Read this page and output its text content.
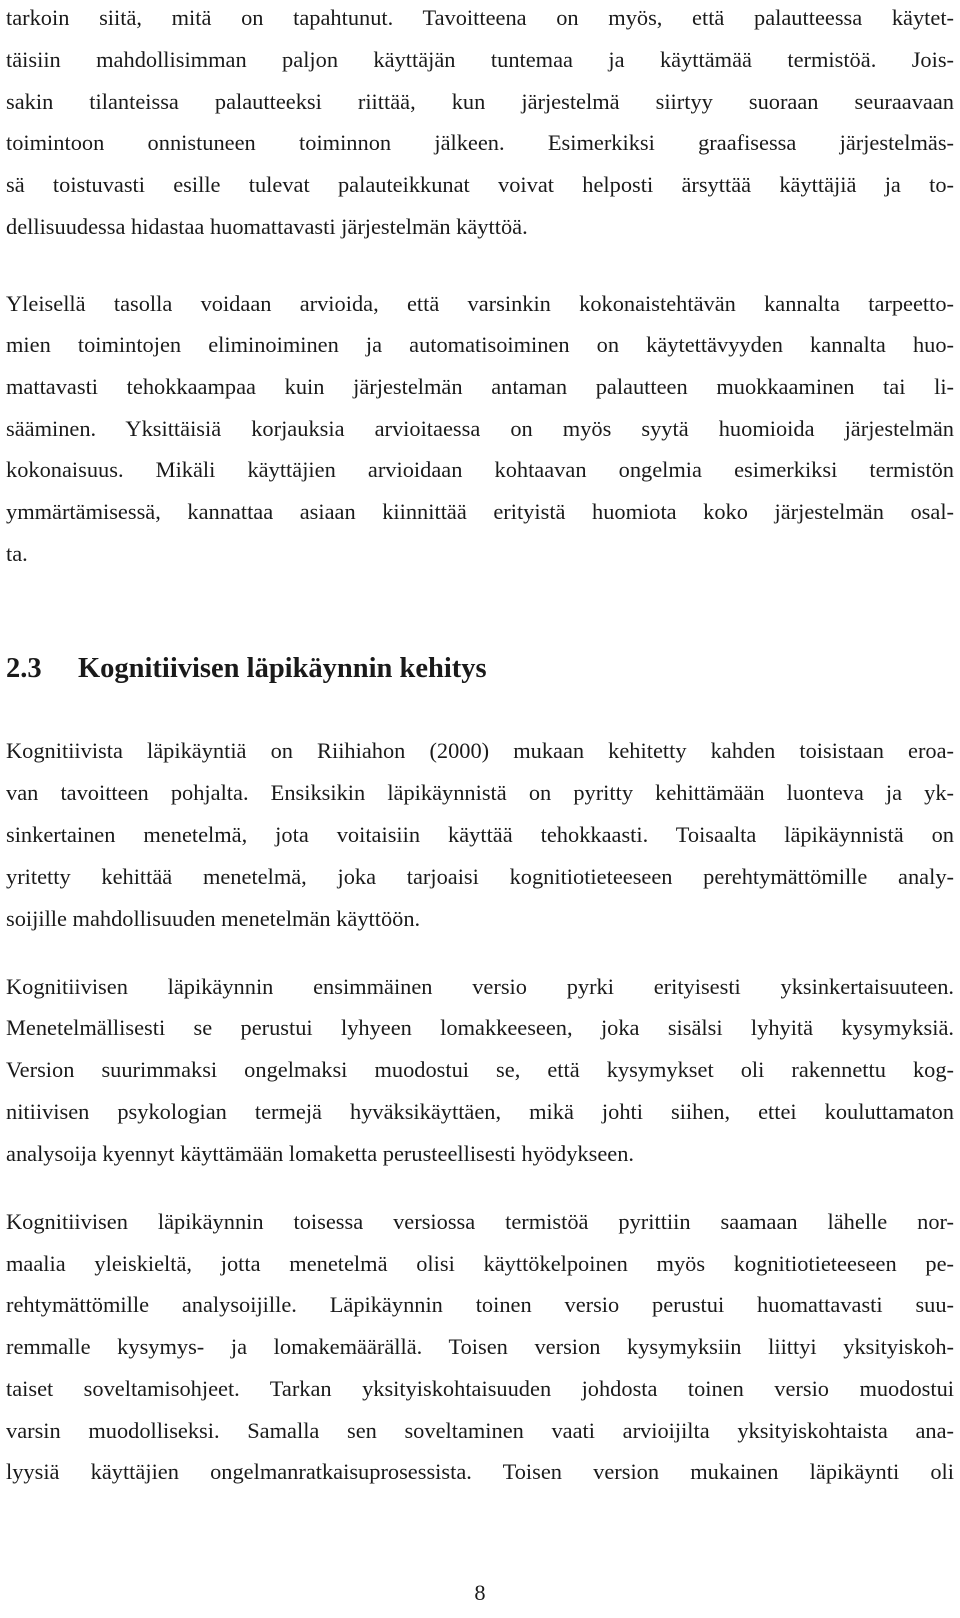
tarkoin siitä, mitä on tapahtunut. Tavoitteena on myös, että palautteessa käytet-
täisiin mahdollisimman paljon käyttäjän tuntemaa ja käyttämää termistöä. Jois-
sakin tilanteissa palautteeksi riittää, kun järjestelmä siirtyy suoraan seuraavaan
toimintoon onnistuneen toiminnon jälkeen. Esimerkiksi graafisessa järjestelmäs-
sä toistuvasti esille tulevat palauteikkunat voivat helposti ärsyttää käyttäjiä ja to-
dellisuudessa hidastaa huomattavasti järjestelmän käyttöä.
Yleisellä tasolla voidaan arvioida, että varsinkin kokonaistehtävän kannalta tarpeetto-
mien toimintojen eliminoiminen ja automatisoiminen on käytettävyyden kannalta huo-
mattavasti tehokkaampaa kuin järjestelmän antaman palautteen muokkaaminen tai li-
sääminen. Yksittäisiä korjauksia arvioitaessa on myös syytä huomioida järjestelmän
kokonaisuus. Mikäli käyttäjien arvioidaan kohtaavan ongelmia esimerkiksi termistön
ymmärtämisessä, kannattaa asiaan kiinnittää erityistä huomiota koko järjestelmän osal-
ta.
2.3 Kognitiivisen läpikäynnin kehitys
Kognitiivista läpikäyntiä on Riihiahon (2000) mukaan kehitetty kahden toisistaan eroa-
van tavoitteen pohjalta. Ensiksikin läpikäynnistä on pyritty kehittämään luonteva ja yk-
sinkertainen menetelmä, jota voitaisiin käyttää tehokkaasti. Toisaalta läpikäynnistä on
yritetty kehittää menetelmä, joka tarjoaisi kognitiotieteeseen perehtymättömille analy-
soijille mahdollisuuden menetelmän käyttöön.
Kognitiivisen läpikäynnin ensimmäinen versio pyrki erityisesti yksinkertaisuuteen.
Menetelmällisesti se perustui lyhyeen lomakkeeseen, joka sisälsi lyhyitä kysymyksiä.
Version suurimmaksi ongelmaksi muodostui se, että kysymykset oli rakennettu kog-
nitiivisen psykologian termejä hyväksikäyttäen, mikä johti siihen, ettei kouluttamaton
analysoija kyennyt käyttämään lomaketta perusteellisesti hyödykseen.
Kognitiivisen läpikäynnin toisessa versiossa termistöä pyrittiin saamaan lähelle nor-
maalia yleiskieltä, jotta menetelmä olisi käyttökelpoinen myös kognitiotieteeseen pe-
rehtymättömille analysoijille. Läpikäynnin toinen versio perustui huomattavasti suu-
remmalle kysymys- ja lomakemäärällä. Toisen version kysymyksiin liittyi yksityiskoh-
taiset soveltamisohjeet. Tarkan yksityiskohtaisuuden johdosta toinen versio muodostui
varsin muodolliseksi. Samalla sen soveltaminen vaati arvioijilta yksityiskohtaista ana-
lyysiä käyttäjien ongelmanratkaisuprosessista. Toisen version mukainen läpikäynti oli
8
